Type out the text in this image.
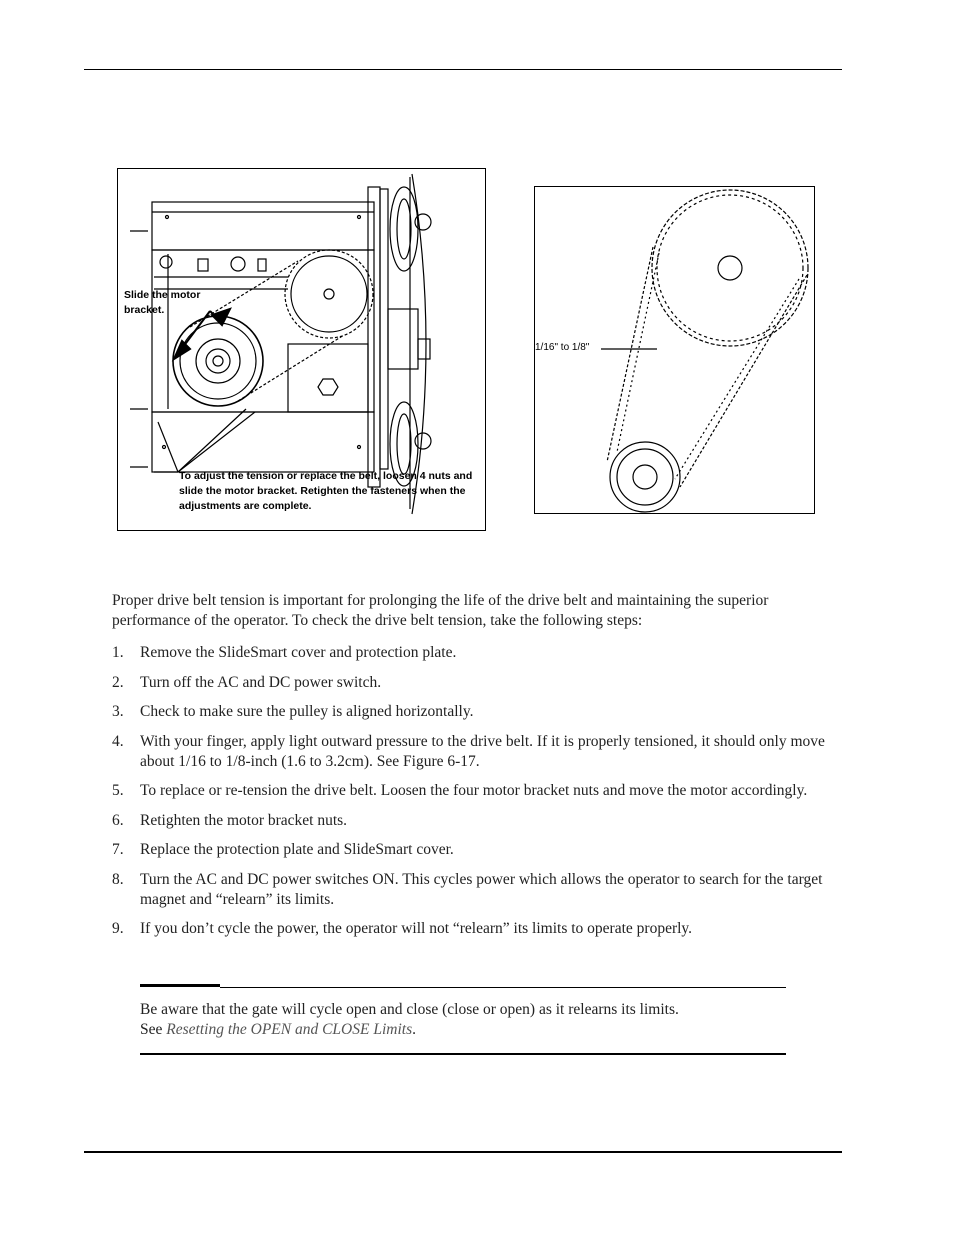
Slide the motor bracket.
To adjust the tension or replace the belt, loosen 4 nuts and slide the motor bracket. Retighten the fasteners when the adjustments are complete.
1/16" to 1/8"
Proper drive belt tension is important for prolonging the life of the drive belt and maintaining the superior performance of the operator. To check the drive belt tension, take the following steps:
1. Remove the SlideSmart cover and protection plate.
2. Turn off the AC and DC power switch.
3. Check to make sure the pulley is aligned horizontally.
4. With your finger, apply light outward pressure to the drive belt. If it is properly tensioned, it should only move about 1/16 to 1/8-inch (1.6 to 3.2cm). See Figure 6-17.
5. To replace or re-tension the drive belt. Loosen the four motor bracket nuts and move the motor accordingly.
6. Retighten the motor bracket nuts.
7. Replace the protection plate and SlideSmart cover.
8. Turn the AC and DC power switches ON. This cycles power which allows the operator to search for the target magnet and “relearn” its limits.
9. If you don’t cycle the power, the operator will not “relearn” its limits to operate properly.
Be aware that the gate will cycle open and close (close or open) as it relearns its limits.
See Resetting the OPEN and CLOSE Limits.
